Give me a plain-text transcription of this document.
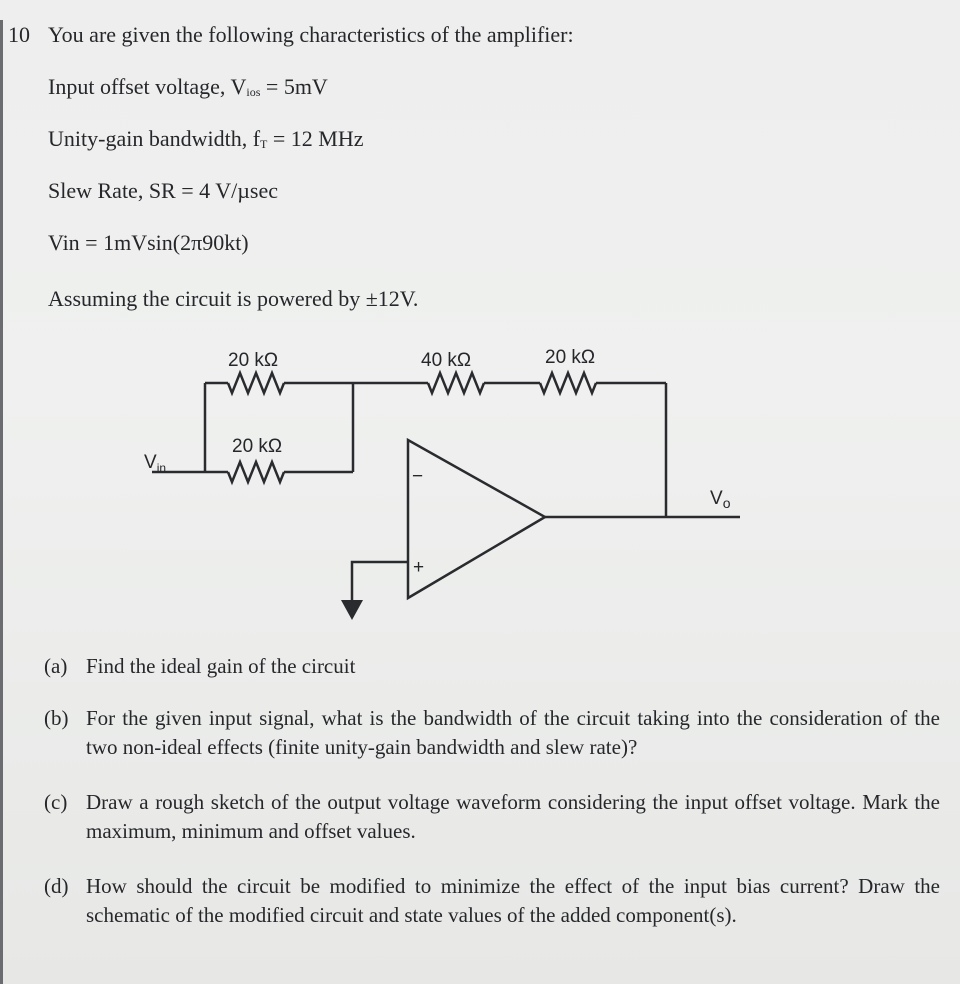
10 You are given the following characteristics of the amplifier:
Input offset voltage, $V_{ios} = 5mV$
Unity-gain bandwidth, $f_T = 12$ MHz
Slew Rate, SR = 4 V/µsec
Vin = 1mVsin(2π90kt)
Assuming the circuit is powered by ±12V.
20 kΩ	40 kΩ	20 kΩ
20 kΩ
$V_{in}$
$V_o$
−
+
(a) Find the ideal gain of the circuit
(b) For the given input signal, what is the bandwidth of the circuit taking into the consideration of the two non-ideal effects (finite unity-gain bandwidth and slew rate)?
(c) Draw a rough sketch of the output voltage waveform considering the input offset voltage. Mark the maximum, minimum and offset values.
(d) How should the circuit be modified to minimize the effect of the input bias current? Draw the schematic of the modified circuit and state values of the added component(s).
